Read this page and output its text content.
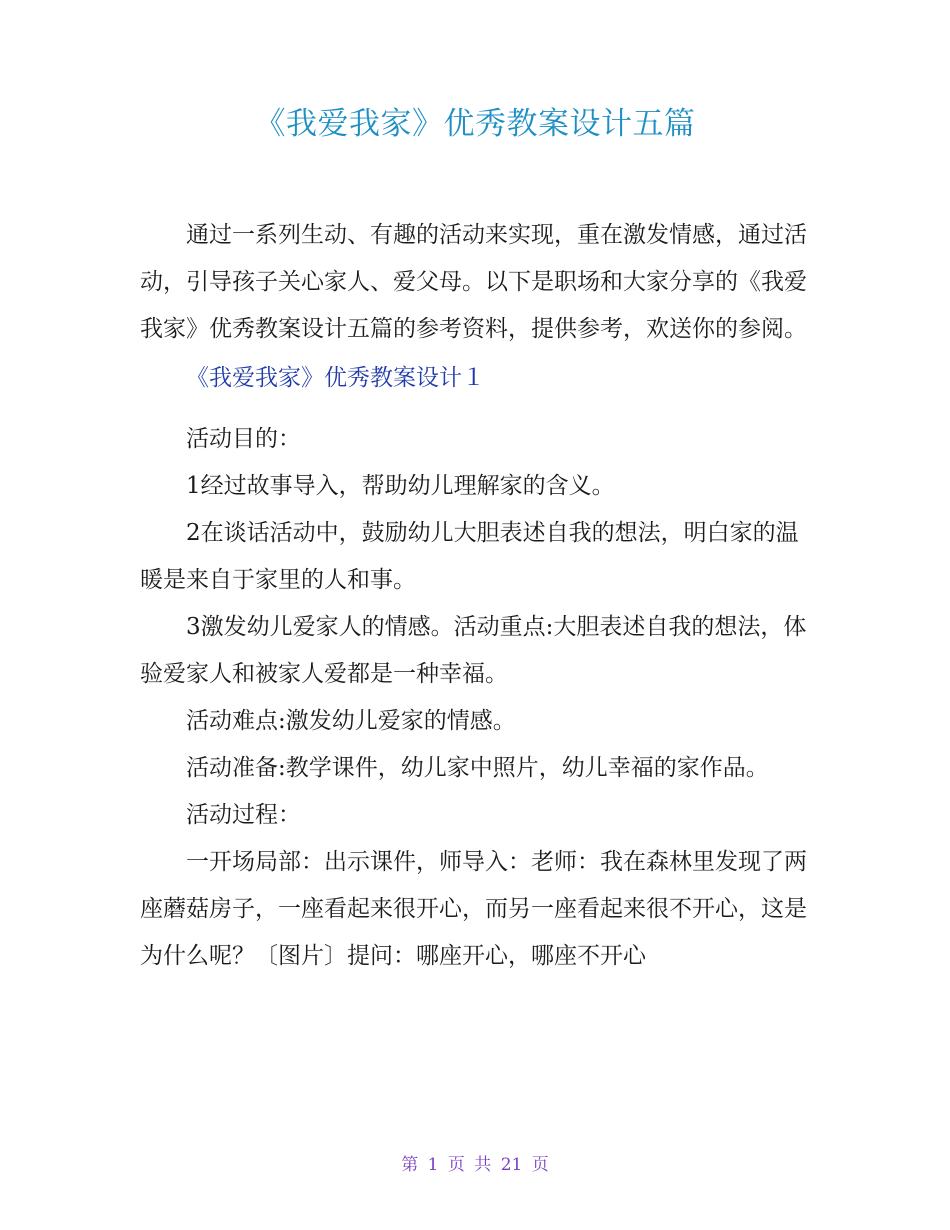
《我爱我家》优秀教案设计五篇

通过一系列生动、有趣的活动来实现，重在激发情感，通过活动，引导孩子关心家人、爱父母。以下是职场和大家分享的《我爱我家》优秀教案设计五篇的参考资料，提供参考，欢送你的参阅。

《我爱我家》优秀教案设计１

活动目的：

1经过故事导入，帮助幼儿理解家的含义。

2在谈话活动中，鼓励幼儿大胆表述自我的想法，明白家的温暖是来自于家里的人和事。

3激发幼儿爱家人的情感。活动重点:大胆表述自我的想法，体验爱家人和被家人爱都是一种幸福。

活动难点:激发幼儿爱家的情感。

活动准备:教学课件，幼儿家中照片，幼儿幸福的家作品。

活动过程：

一开场局部：出示课件，师导入：老师：我在森林里发现了两座蘑菇房子，一座看起来很开心，而另一座看起来很不开心，这是为什么呢？〔图片〕提问：哪座开心，哪座不开心

第 1 页 共 21 页
